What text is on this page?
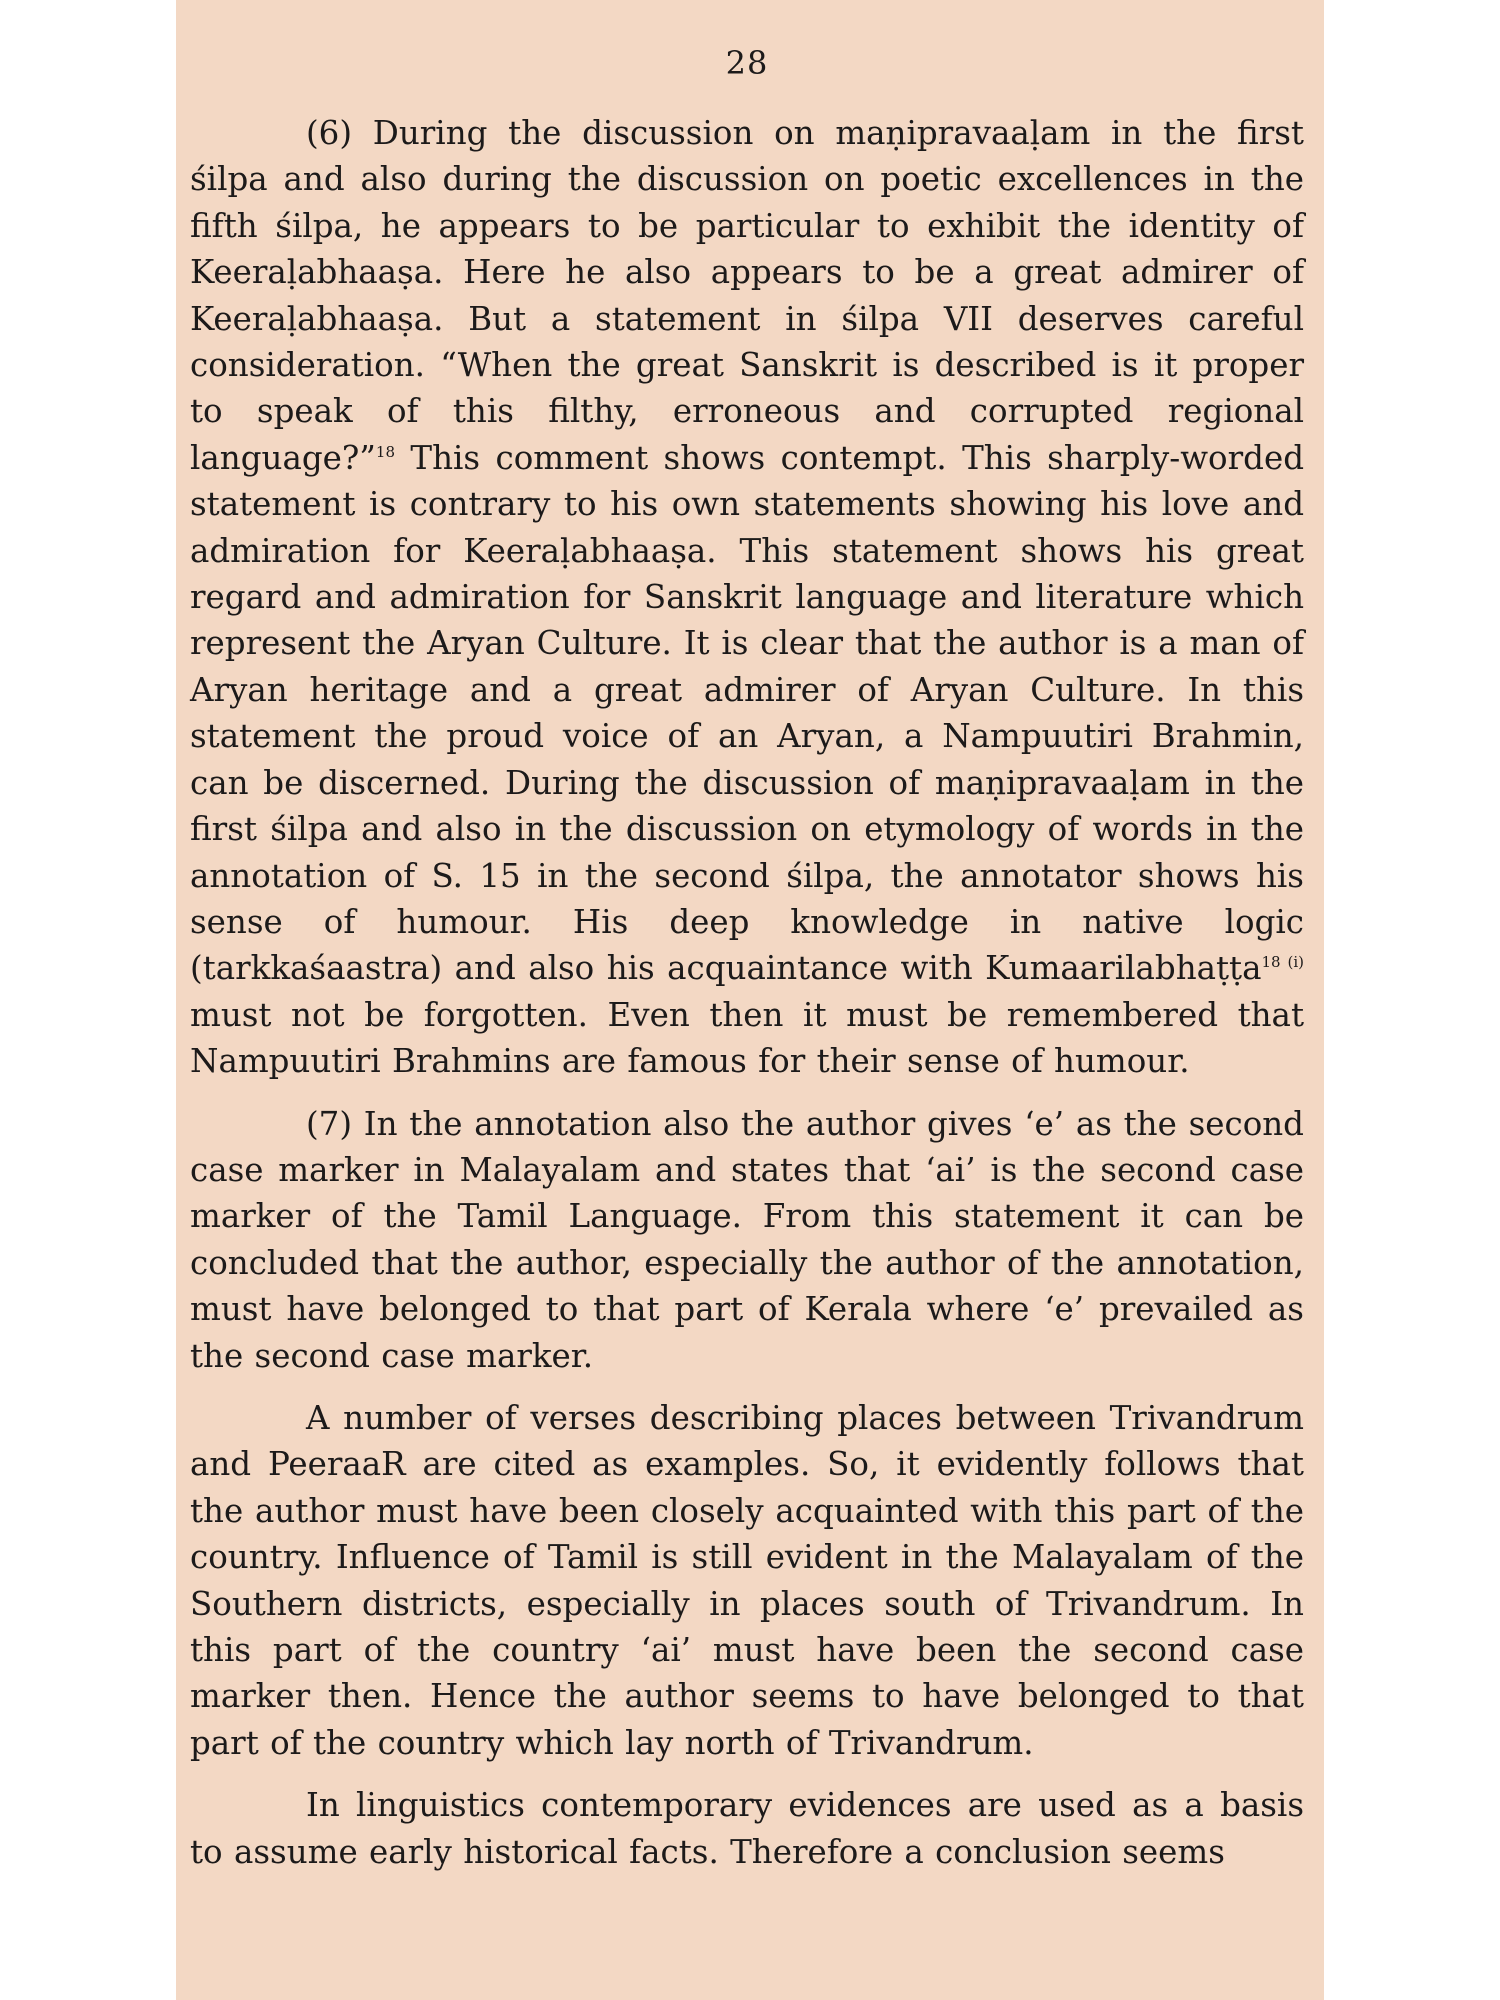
28

(6) During the discussion on maṇipravaaḷam in the first śilpa and also during the discussion on poetic excellences in the fifth śilpa, he appears to be particular to exhibit the identity of Keeraḷabhaaṣa. Here he also appears to be a great admirer of Keeraḷabhaaṣa. But a statement in śilpa VII deserves careful consideration. “When the great Sanskrit is described is it proper to speak of this filthy, erroneous and corrupted regional language?”$^{18}$ This comment shows contempt. This sharply-worded statement is contrary to his own statements showing his love and admiration for Keeraḷabhaaṣa. This statement shows his great regard and admiration for Sanskrit language and literature which represent the Aryan Culture. It is clear that the author is a man of Aryan heritage and a great admirer of Aryan Culture. In this statement the proud voice of an Aryan, a Nampuutiri Brahmin, can be discerned. During the discussion of maṇipravaaḷam in the first śilpa and also in the discussion on etymology of words in the annotation of S. 15 in the second śilpa, the annotator shows his sense of humour. His deep knowledge in native logic (tarkkaśaastra) and also his acquaintance with Kumaarilabhaṭṭa$^{18 (i)}$ must not be forgotten. Even then it must be remembered that Nampuutiri Brahmins are famous for their sense of humour.

(7) In the annotation also the author gives ‘e’ as the second case marker in Malayalam and states that ‘ai’ is the second case marker of the Tamil Language. From this statement it can be concluded that the author, especially the author of the annotation, must have belonged to that part of Kerala where ‘e’ prevailed as the second case marker.

A number of verses describing places between Trivandrum and PeeraaR are cited as examples. So, it evidently follows that the author must have been closely acquainted with this part of the country. Influence of Tamil is still evident in the Malayalam of the Southern districts, especially in places south of Trivandrum. In this part of the country ‘ai’ must have been the second case marker then. Hence the author seems to have belonged to that part of the country which lay north of Trivandrum.

In linguistics contemporary evidences are used as a basis to assume early historical facts. Therefore a conclusion seems
